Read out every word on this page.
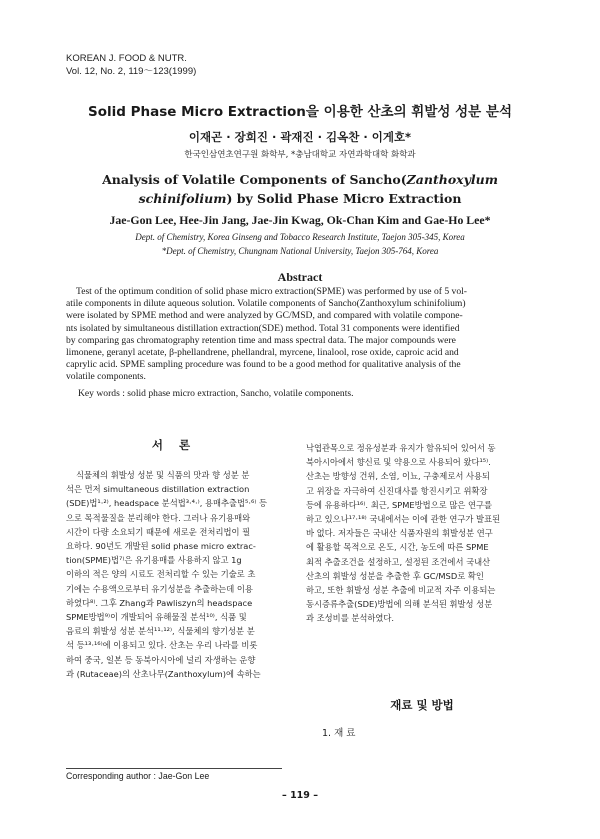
KOREAN J. FOOD & NUTR.
Vol. 12, No. 2, 119～123(1999)
Solid Phase Micro Extraction을 이용한 산초의 휘발성 성분 분석
이재곤 · 장희진 · 곽재진 · 김옥찬 · 이게호*
한국인삼연초연구원 화학부, *충남대학교 자연과학대학 화학과
Analysis of Volatile Components of Sancho(Zanthoxylum
schinifolium) by Solid Phase Micro Extraction
Jae-Gon Lee, Hee-Jin Jang, Jae-Jin Kwag, Ok-Chan Kim and Gae-Ho Lee*
Dept. of Chemistry, Korea Ginseng and Tobacco Research Institute, Taejon 305-345, Korea
*Dept. of Chemistry, Chungnam National University, Taejon 305-764, Korea
Abstract
Test of the optimum condition of solid phase micro extraction(SPME) was performed by use of 5 vol-
atile components in dilute aqueous solution. Volatile components of Sancho(Zanthoxylum schinifolium)
were isolated by SPME method and were analyzed by GC/MSD, and compared with volatile compone-
nts isolated by simultaneous distillation extraction(SDE) method. Total 31 components were identified
by comparing gas chromatography retention time and mass spectral data. The major compounds were
limonene, geranyl acetate, β-phellandrene, phellandral, myrcene, linalool, rose oxide, caproic acid and
caprylic acid. SPME sampling procedure was found to be a good method for qualitative analysis of the
volatile components.
Key words : solid phase micro extraction, Sancho, volatile components.
서 론
식물체의 휘발성 성분 및 식품의 맛과 향 성분 분
석은 먼저 simultaneous distillation extraction
(SDE)법¹·²⁾, headspace 분석법³·⁴·⁾, 용매추출법⁵·⁶⁾ 등
으로 목적물질을 분리해야 한다. 그러나 유기용매와
시간이 다량 소요되기 때문에 새로운 전처리법이 필
요하다. 90년도 개발된 solid phase micro extrac-
tion(SPME)법⁷⁾은 유기용매를 사용하지 않고 1g
이하의 적은 양의 시료도 전처리할 수 있는 기술로 초
기에는 수용액으로부터 유기성분을 추출하는데 이용
하였다⁸⁾. 그후 Zhang과 Pawliszyn의 headspace
SPME방법⁹⁾이 개발되어 유해물질 분석¹⁰⁾, 식품 및
음료의 휘발성 성분 분석¹¹·¹²⁾, 식물체의 향기성분 분
석 등¹³·¹⁶⁾에 이용되고 있다. 산초는 우리 나라를 비롯
하여 중국, 일본 등 동북아시아에 널리 자생하는 운향
과 (Rutaceae)의 산초나무(Zanthoxylum)에 속하는
낙엽관목으로 정유성분과 유지가 함유되어 있어서 동
북아시아에서 향신료 및 약용으로 사용되어 왔다¹⁵⁾.
산초는 방향성 건위, 소염, 이뇨, 구충제로서 사용되
고 위장을 자극하여 신진대사를 항진시키고 위확장
등에 유용하다¹⁶⁾. 최근, SPME방법으로 많은 연구를
하고 있으나¹⁷·¹⁸⁾ 국내에서는 이에 관한 연구가 발표된
바 없다. 저자들은 국내산 식품자원의 휘발성분 연구
에 활용할 목적으로 온도, 시간, 농도에 따른 SPME
최적 추출조건을 설정하고, 설정된 조건에서 국내산
산초의 휘발성 성분을 추출한 후 GC/MSD로 확인
하고, 또한 휘발성 성분 추출에 비교적 자주 이용되는
동시증류추출(SDE)방법에 의해 분석된 휘발성 성분
과 조성비를 분석하였다.
재료 및 방법
1. 재 료
Corresponding author : Jae-Gon Lee
– 119 –
